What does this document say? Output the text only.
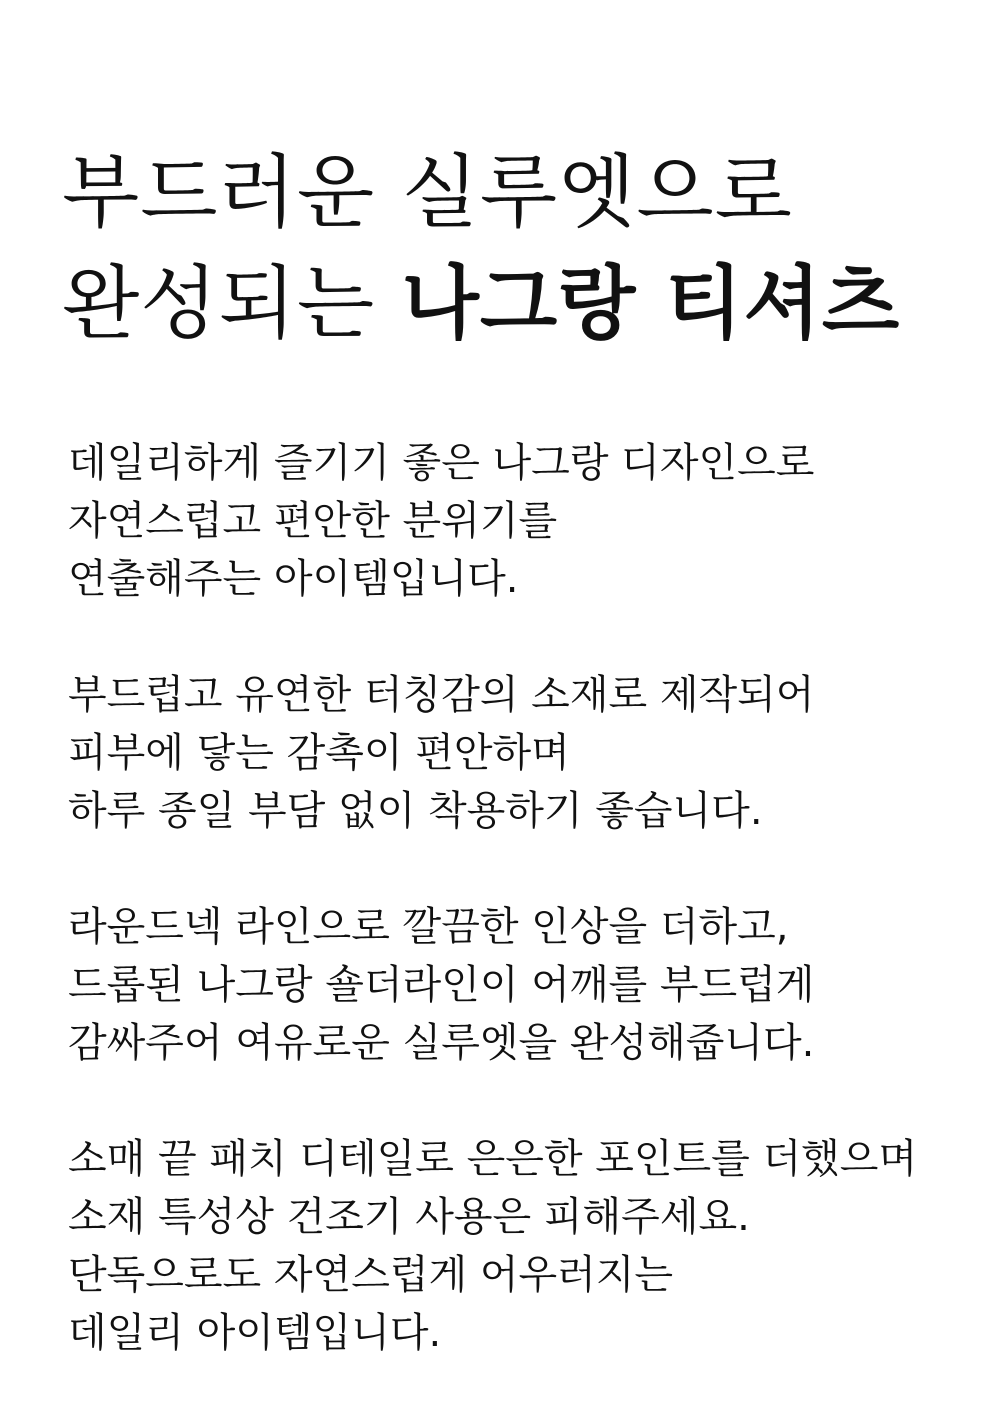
부드러운 실루엣으로
완성되는 나그랑 티셔츠

데일리하게 즐기기 좋은 나그랑 디자인으로
자연스럽고 편안한 분위기를
연출해주는 아이템입니다.

부드럽고 유연한 터칭감의 소재로 제작되어
피부에 닿는 감촉이 편안하며
하루 종일 부담 없이 착용하기 좋습니다.

라운드넥 라인으로 깔끔한 인상을 더하고,
드롭된 나그랑 숄더라인이 어깨를 부드럽게
감싸주어 여유로운 실루엣을 완성해줍니다.

소매 끝 패치 디테일로 은은한 포인트를 더했으며
소재 특성상 건조기 사용은 피해주세요.
단독으로도 자연스럽게 어우러지는
데일리 아이템입니다.
